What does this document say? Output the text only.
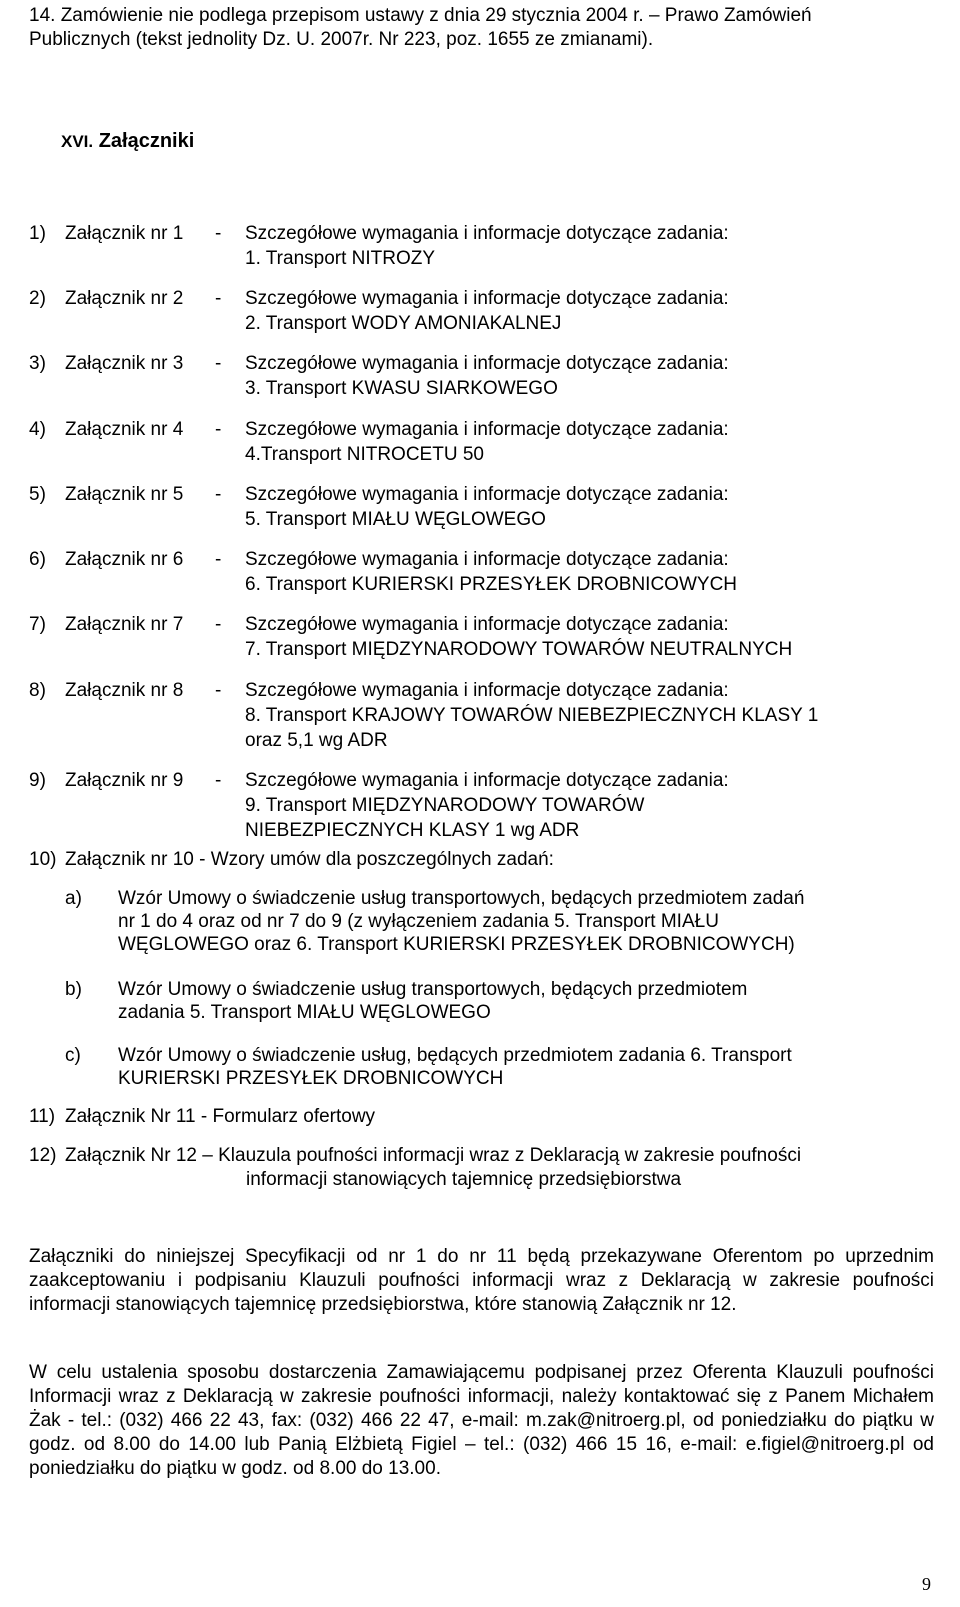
14. Zamówienie nie podlega przepisom ustawy z dnia 29 stycznia 2004 r. – Prawo Zamówień
Publicznych (tekst jednolity Dz. U. 2007r. Nr 223, poz. 1655 ze zmianami).
XVI. Załączniki
1) Załącznik nr 1 - Szczegółowe wymagania i informacje dotyczące zadania:
1. Transport NITROZY
2) Załącznik nr 2 - Szczegółowe wymagania i informacje dotyczące zadania:
2. Transport WODY AMONIAKALNEJ
3) Załącznik nr 3 - Szczegółowe wymagania i informacje dotyczące zadania:
3. Transport KWASU SIARKOWEGO
4) Załącznik nr 4 - Szczegółowe wymagania i informacje dotyczące zadania:
4.Transport NITROCETU 50
5) Załącznik nr 5 - Szczegółowe wymagania i informacje dotyczące zadania:
5. Transport MIAŁU WĘGLOWEGO
6) Załącznik nr 6 - Szczegółowe wymagania i informacje dotyczące zadania:
6. Transport KURIERSKI PRZESYŁEK DROBNICOWYCH
7) Załącznik nr 7 - Szczegółowe wymagania i informacje dotyczące zadania:
7. Transport MIĘDZYNARODOWY TOWARÓW NEUTRALNYCH
8) Załącznik nr 8 - Szczegółowe wymagania i informacje dotyczące zadania:
8. Transport KRAJOWY TOWARÓW NIEBEZPIECZNYCH KLASY 1
oraz 5,1 wg ADR
9) Załącznik nr 9 - Szczegółowe wymagania i informacje dotyczące zadania:
9. Transport MIĘDZYNARODOWY TOWARÓW
NIEBEZPIECZNYCH KLASY 1 wg ADR
10) Załącznik nr 10 - Wzory umów dla poszczególnych zadań:
a) Wzór Umowy o świadczenie usług transportowych, będących przedmiotem zadań
nr 1 do 4 oraz od nr 7 do 9 (z wyłączeniem zadania 5. Transport MIAŁU
WĘGLOWEGO oraz 6. Transport KURIERSKI PRZESYŁEK DROBNICOWYCH)
b) Wzór Umowy o świadczenie usług transportowych, będących przedmiotem
zadania 5. Transport MIAŁU WĘGLOWEGO
c) Wzór Umowy o świadczenie usług, będących przedmiotem zadania 6. Transport
KURIERSKI PRZESYŁEK DROBNICOWYCH
11) Załącznik Nr 11 - Formularz ofertowy
12) Załącznik Nr 12 – Klauzula poufności informacji wraz z Deklaracją w zakresie poufności
informacji stanowiących tajemnicę przedsiębiorstwa
Załączniki do niniejszej Specyfikacji od nr 1 do nr 11 będą przekazywane Oferentom po uprzednim zaakceptowaniu i podpisaniu Klauzuli poufności informacji wraz z Deklaracją w zakresie poufności informacji stanowiących tajemnicę przedsiębiorstwa, które stanowią Załącznik nr 12.
W celu ustalenia sposobu dostarczenia Zamawiającemu podpisanej przez Oferenta Klauzuli poufności Informacji wraz z Deklaracją w zakresie poufności informacji, należy kontaktować się z Panem Michałem Żak - tel.: (032) 466 22 43, fax: (032) 466 22 47, e-mail: m.zak@nitroerg.pl, od poniedziałku do piątku w godz. od 8.00 do 14.00 lub Panią Elżbietą Figiel – tel.: (032) 466 15 16, e-mail: e.figiel@nitroerg.pl od poniedziałku do piątku w godz. od 8.00 do 13.00.
9
